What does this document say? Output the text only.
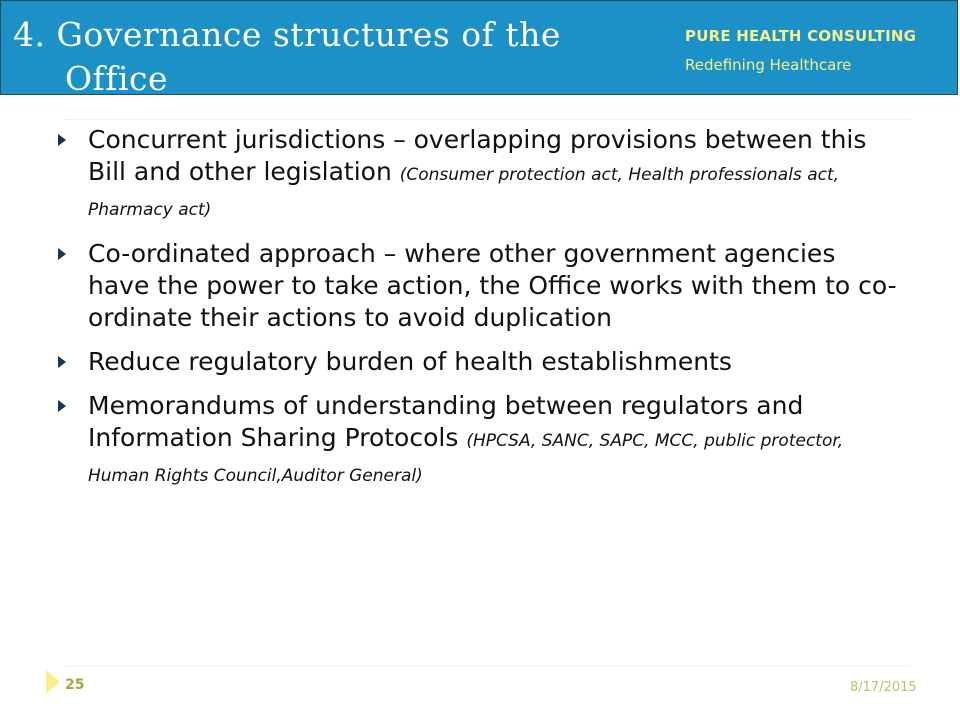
4. Governance structures of the
Office
PURE HEALTH CONSULTING
Redefining Healthcare
Concurrent jurisdictions – overlapping provisions between this Bill and other legislation (Consumer protection act, Health professionals act, Pharmacy act)
Co-ordinated approach – where other government agencies have the power to take action, the Office works with them to co-ordinate their actions to avoid duplication
Reduce regulatory burden of health establishments
Memorandums of understanding between regulators and Information Sharing Protocols (HPCSA, SANC, SAPC, MCC, public protector, Human Rights Council,Auditor General)
25	8/17/2015
